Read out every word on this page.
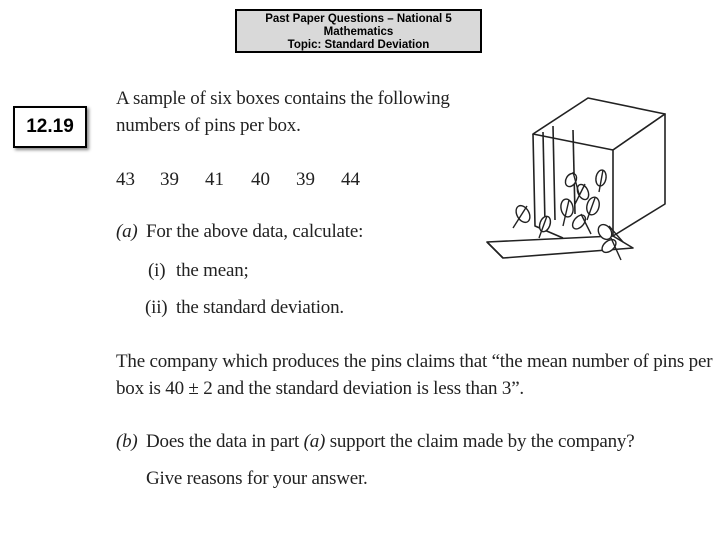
Past Paper Questions – National 5
Mathematics
Topic: Standard Deviation
12.19
A sample of six boxes contains the following
numbers of pins per box.
43 39 41 40 39 44
(a) For the above data, calculate:
(i) the mean;
(ii) the standard deviation.
The company which produces the pins claims that “the mean number of pins per
box is 40 ± 2 and the standard deviation is less than 3”.
(b) Does the data in part (a) support the claim made by the company?
Give reasons for your answer.
